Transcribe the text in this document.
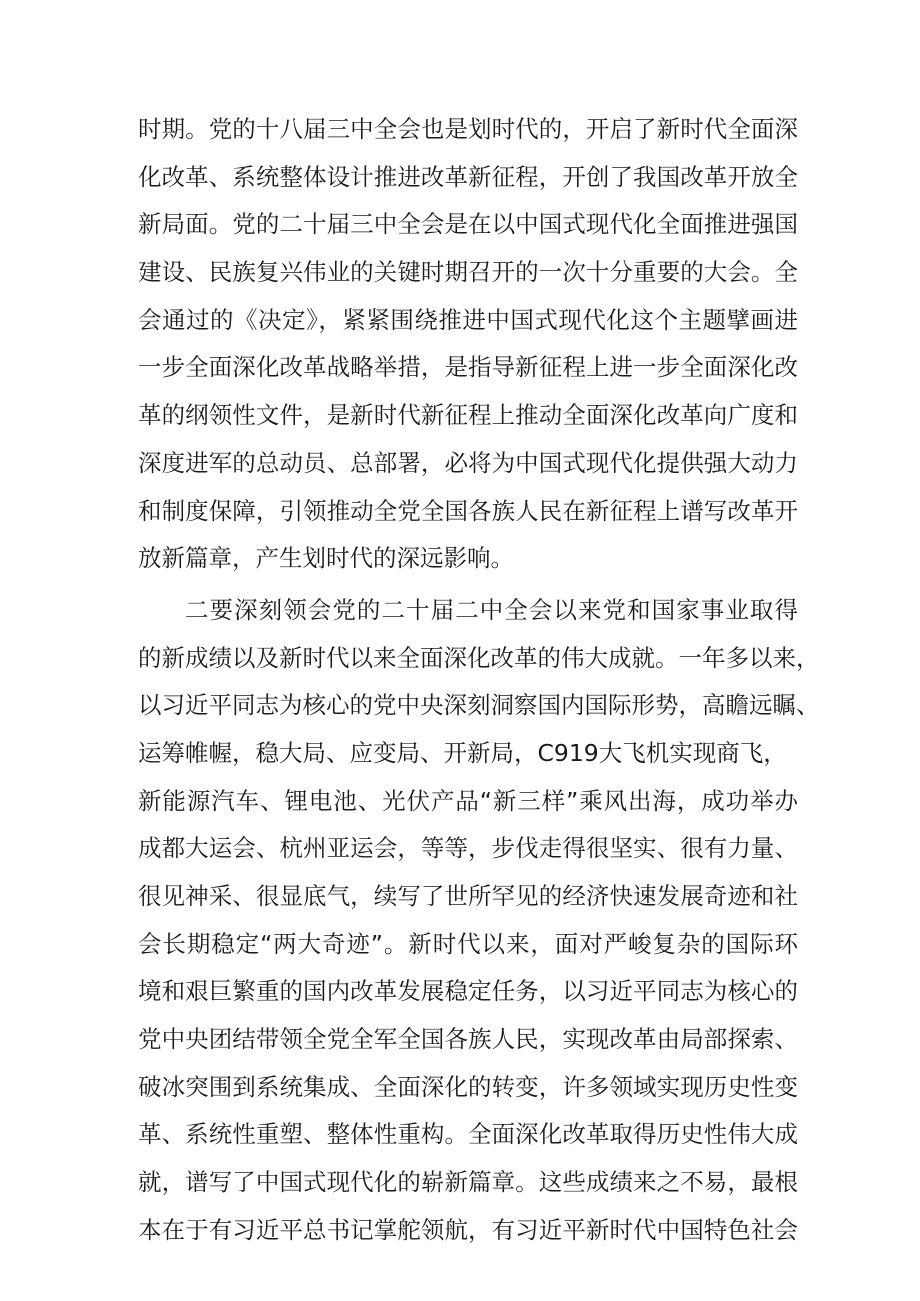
时期。党的十八届三中全会也是划时代的，开启了新时代全面深
化改革、系统整体设计推进改革新征程，开创了我国改革开放全
新局面。党的二十届三中全会是在以中国式现代化全面推进强国
建设、民族复兴伟业的关键时期召开的一次十分重要的大会。全
会通过的《决定》，紧紧围绕推进中国式现代化这个主题擘画进
一步全面深化改革战略举措，是指导新征程上进一步全面深化改
革的纲领性文件，是新时代新征程上推动全面深化改革向广度和
深度进军的总动员、总部署，必将为中国式现代化提供强大动力
和制度保障，引领推动全党全国各族人民在新征程上谱写改革开
放新篇章，产生划时代的深远影响。
二要深刻领会党的二十届二中全会以来党和国家事业取得
的新成绩以及新时代以来全面深化改革的伟大成就。一年多以来，
以习近平同志为核心的党中央深刻洞察国内国际形势，高瞻远瞩、
运筹帷幄，稳大局、应变局、开新局，C919大飞机实现商飞，
新能源汽车、锂电池、光伏产品“新三样”乘风出海，成功举办
成都大运会、杭州亚运会，等等，步伐走得很坚实、很有力量、
很见神采、很显底气，续写了世所罕见的经济快速发展奇迹和社
会长期稳定“两大奇迹”。新时代以来，面对严峻复杂的国际环
境和艰巨繁重的国内改革发展稳定任务，以习近平同志为核心的
党中央团结带领全党全军全国各族人民，实现改革由局部探索、
破冰突围到系统集成、全面深化的转变，许多领域实现历史性变
革、系统性重塑、整体性重构。全面深化改革取得历史性伟大成
就，谱写了中国式现代化的崭新篇章。这些成绩来之不易，最根
本在于有习近平总书记掌舵领航，有习近平新时代中国特色社会
